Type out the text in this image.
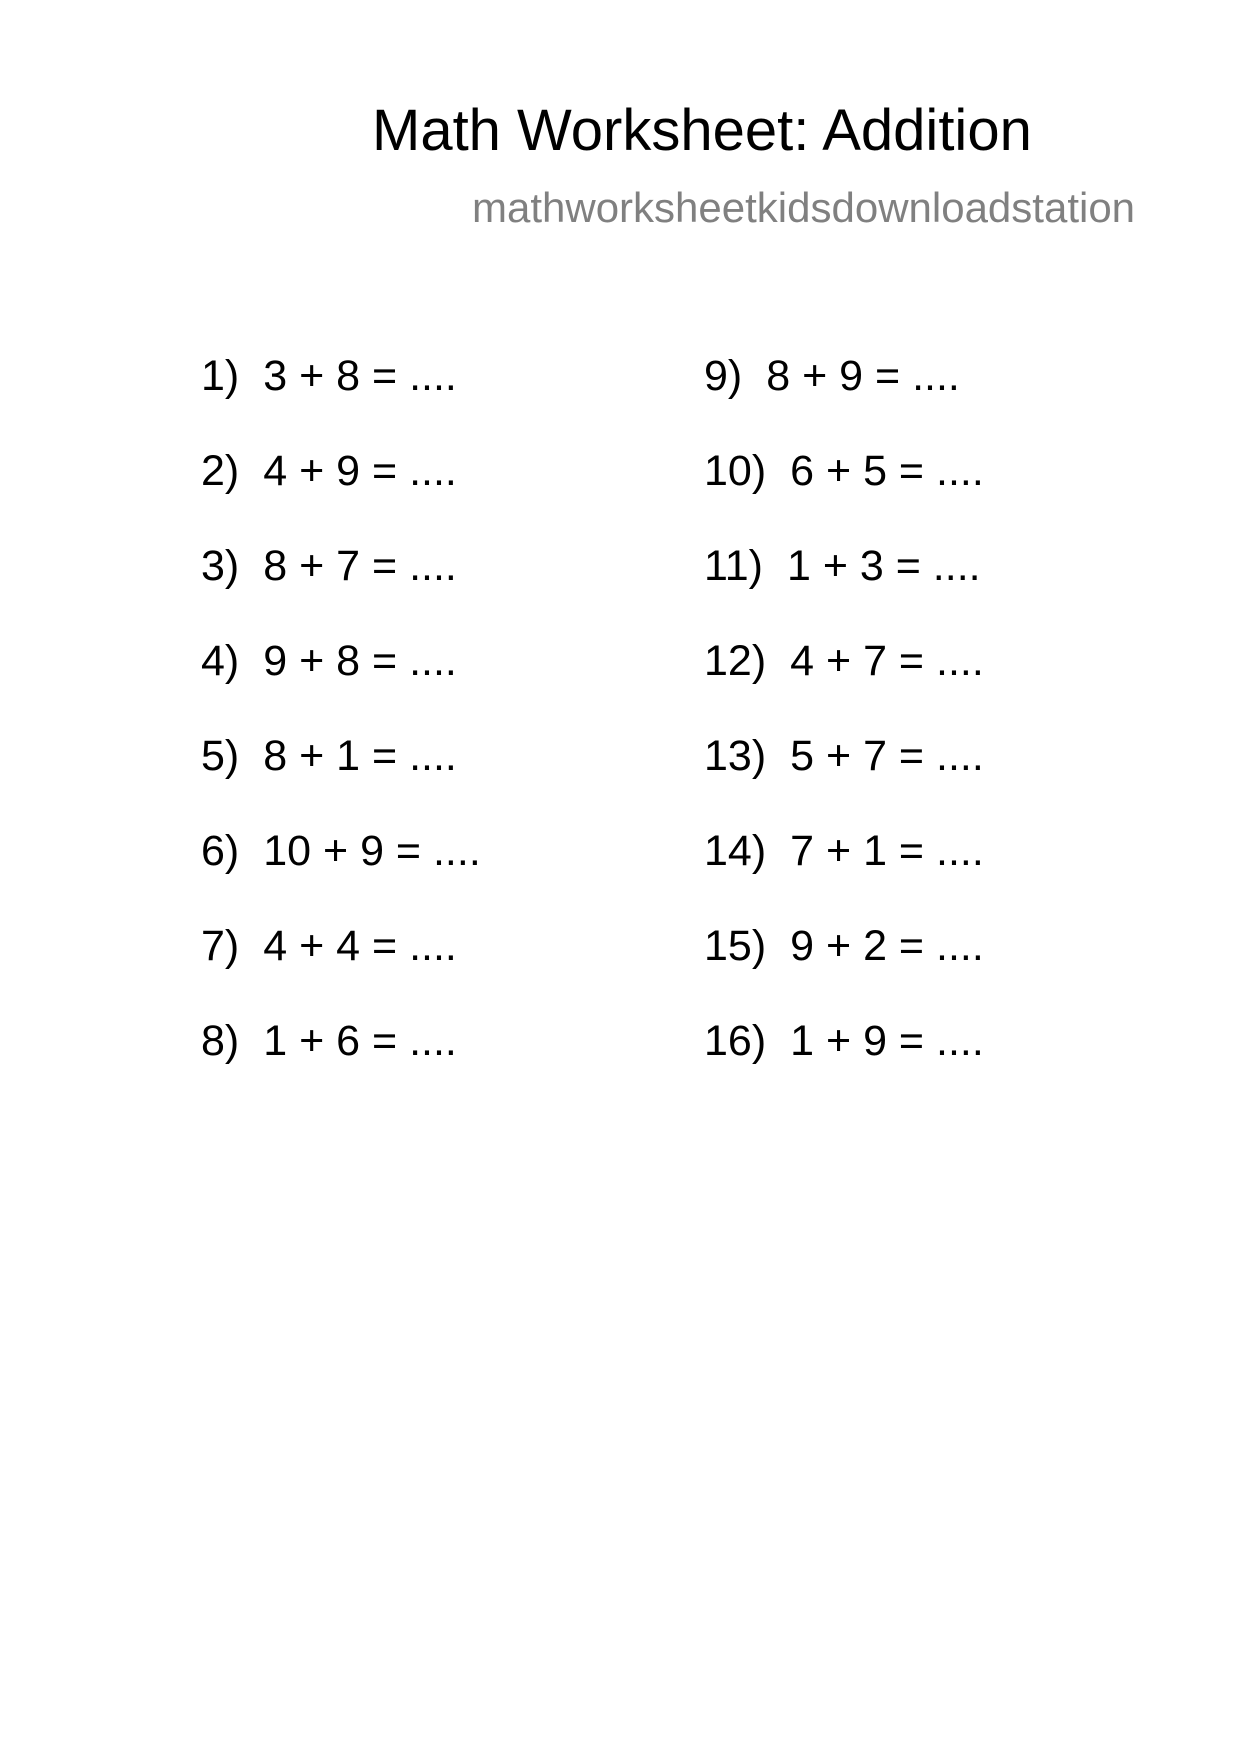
Math Worksheet: Addition
mathworksheetkidsdownloadstation
1) 3 + 8 = ....
2) 4 + 9 = ....
3) 8 + 7 = ....
4) 9 + 8 = ....
5) 8 + 1 = ....
6) 10 + 9 = ....
7) 4 + 4 = ....
8) 1 + 6 = ....
9) 8 + 9 = ....
10) 6 + 5 = ....
11) 1 + 3 = ....
12) 4 + 7 = ....
13) 5 + 7 = ....
14) 7 + 1 = ....
15) 9 + 2 = ....
16) 1 + 9 = ....
